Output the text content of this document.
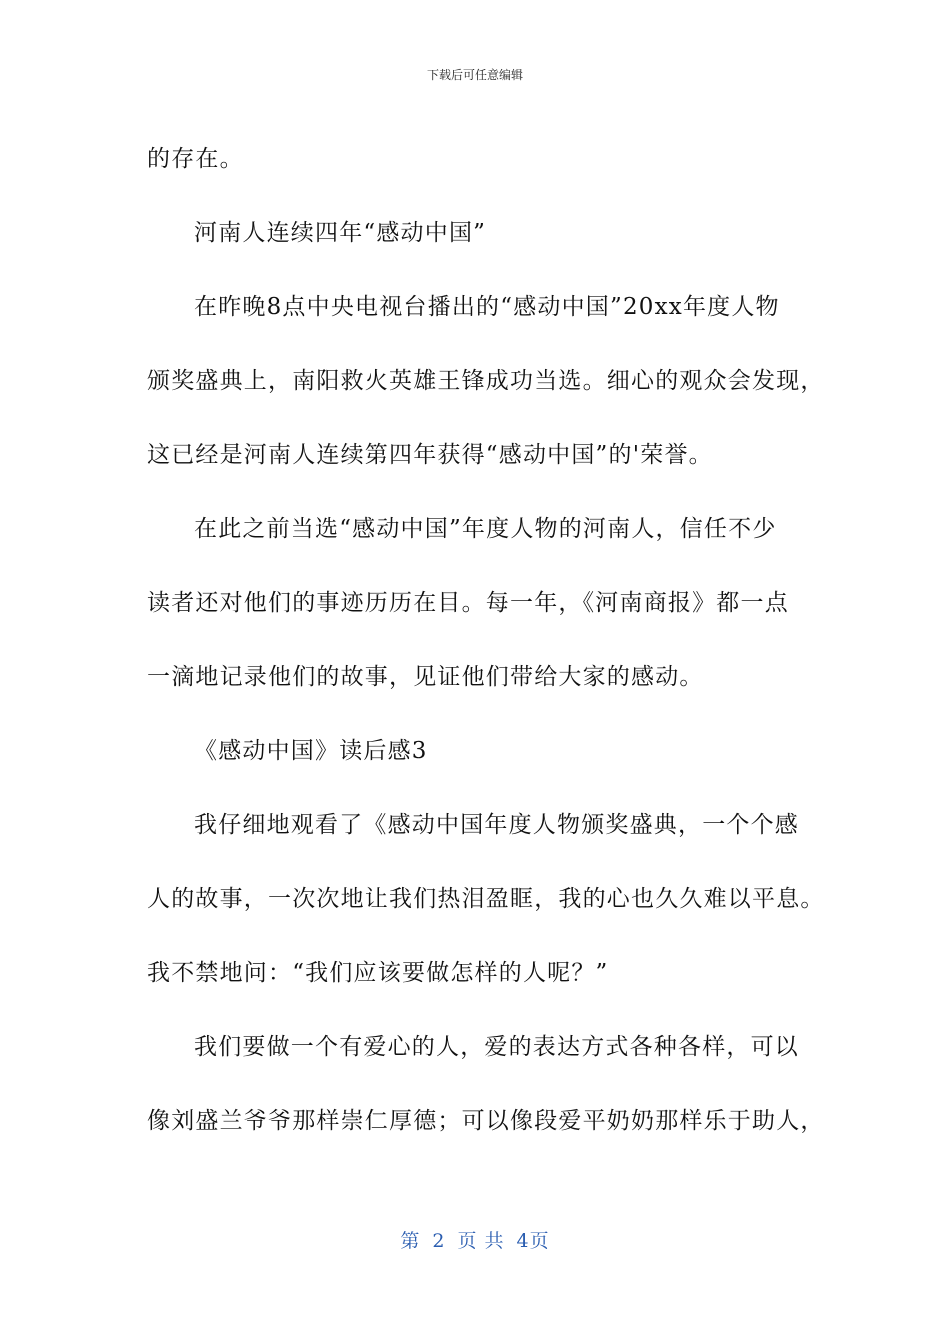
下载后可任意编辑
的存在。
河南人连续四年“感动中国”
在昨晚8点中央电视台播出的“感动中国”20xx年度人物
颁奖盛典上，南阳救火英雄王锋成功当选。细心的观众会发现，
这已经是河南人连续第四年获得“感动中国”的'荣誉。
在此之前当选“感动中国”年度人物的河南人，信任不少
读者还对他们的事迹历历在目。每一年，《河南商报》都一点
一滴地记录他们的故事，见证他们带给大家的感动。
《感动中国》读后感3
我仔细地观看了《感动中国年度人物颁奖盛典，一个个感
人的故事，一次次地让我们热泪盈眶，我的心也久久难以平息。
我不禁地问：“我们应该要做怎样的人呢？”
我们要做一个有爱心的人，爱的表达方式各种各样，可以
像刘盛兰爷爷那样崇仁厚德；可以像段爱平奶奶那样乐于助人，
第 2 页 共 4页
